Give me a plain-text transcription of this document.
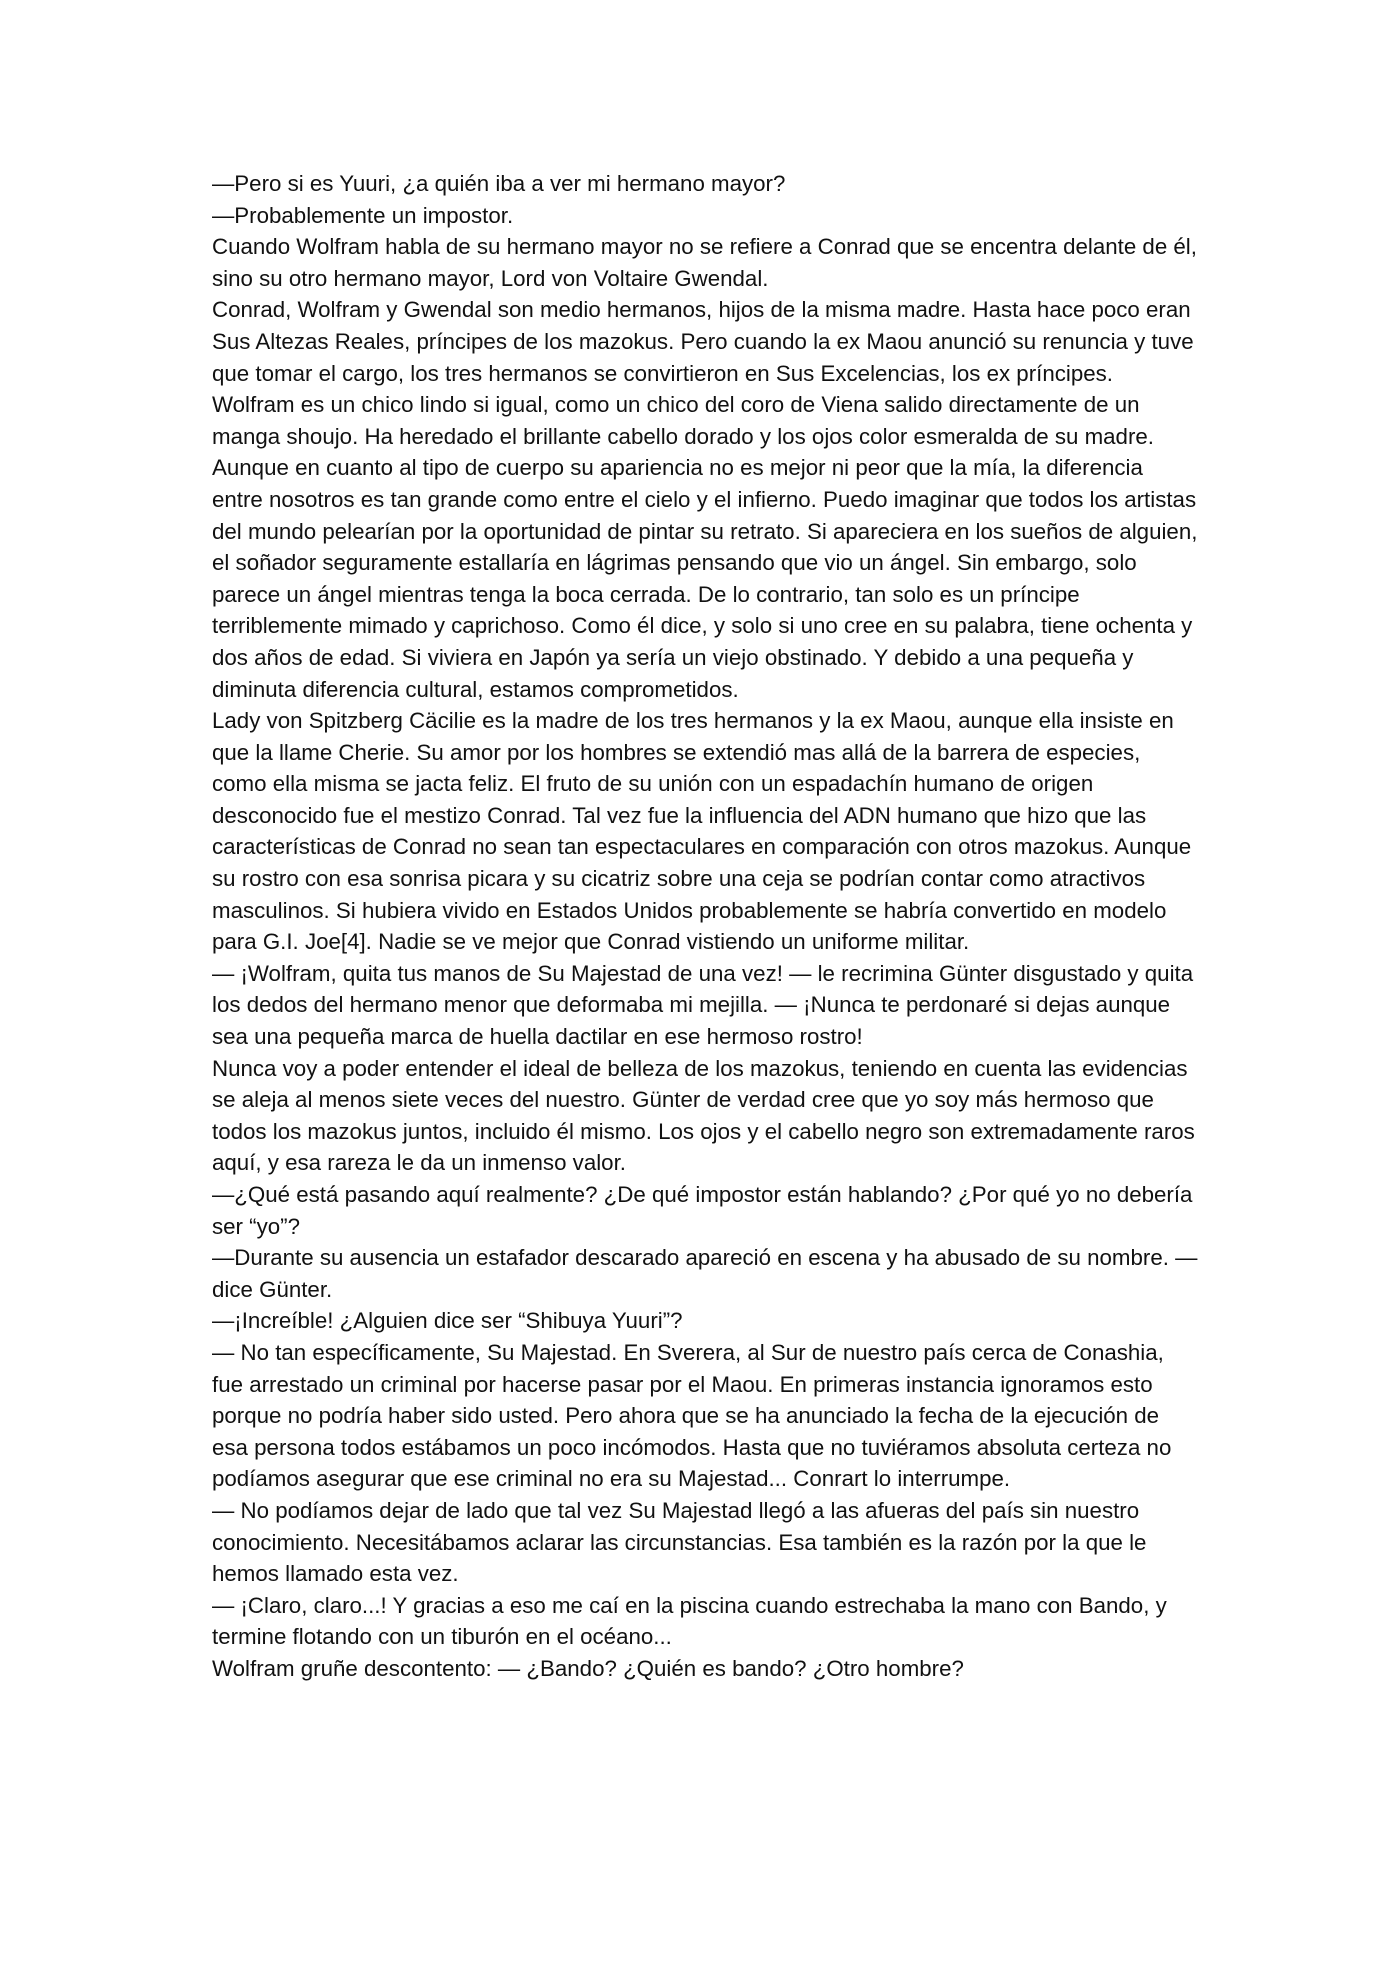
—Pero si es Yuuri, ¿a quién iba a ver mi hermano mayor?

—Probablemente un impostor.

Cuando Wolfram habla de su hermano mayor no se refiere a Conrad que se encentra delante de él, sino su otro hermano mayor, Lord von Voltaire Gwendal.

Conrad, Wolfram y Gwendal son medio hermanos, hijos de la misma madre. Hasta hace poco eran Sus Altezas Reales, príncipes de los mazokus. Pero cuando la ex Maou anunció su renuncia y tuve que tomar el cargo, los tres hermanos se convirtieron en Sus Excelencias, los ex príncipes.

Wolfram es un chico lindo si igual, como un chico del coro de Viena salido directamente de un manga shoujo. Ha heredado el brillante cabello dorado y los ojos color esmeralda de su madre. Aunque en cuanto al tipo de cuerpo su apariencia no es mejor ni peor que la mía, la diferencia entre nosotros es tan grande como entre el cielo y el infierno. Puedo imaginar que todos los artistas del mundo pelearían por la oportunidad de pintar su retrato. Si apareciera en los sueños de alguien, el soñador seguramente estallaría en lágrimas pensando que vio un ángel. Sin embargo, solo parece un ángel mientras tenga la boca cerrada. De lo contrario, tan solo es un príncipe terriblemente mimado y caprichoso. Como él dice, y solo si uno cree en su palabra, tiene ochenta y dos años de edad. Si viviera en Japón ya sería un viejo obstinado. Y debido a una pequeña y diminuta diferencia cultural, estamos comprometidos.

Lady von Spitzberg Cäcilie es la madre de los tres hermanos y la ex Maou, aunque ella insiste en que la llame Cherie. Su amor por los hombres se extendió mas allá de la barrera de especies, como ella misma se jacta feliz. El fruto de su unión con un espadachín humano de origen desconocido fue el mestizo Conrad. Tal vez fue la influencia del ADN humano que hizo que las características de Conrad no sean tan espectaculares en comparación con otros mazokus. Aunque su rostro con esa sonrisa picara y su cicatriz sobre una ceja se podrían contar como atractivos masculinos. Si hubiera vivido en Estados Unidos probablemente se habría convertido en modelo para G.I. Joe[4]. Nadie se ve mejor que Conrad vistiendo un uniforme militar.

— ¡Wolfram, quita tus manos de Su Majestad de una vez! — le recrimina Günter disgustado y quita los dedos del hermano menor que deformaba mi mejilla. — ¡Nunca te perdonaré si dejas aunque sea una pequeña marca de huella dactilar en ese hermoso rostro!

Nunca voy a poder entender el ideal de belleza de los mazokus, teniendo en cuenta las evidencias se aleja al menos siete veces del nuestro. Günter de verdad cree que yo soy más hermoso que todos los mazokus juntos, incluido él mismo. Los ojos y el cabello negro son extremadamente raros aquí, y esa rareza le da un inmenso valor.

—¿Qué está pasando aquí realmente? ¿De qué impostor están hablando? ¿Por qué yo no debería ser “yo”?

—Durante su ausencia un estafador descarado apareció en escena y ha abusado de su nombre. —dice Günter.

—¡Increíble! ¿Alguien dice ser “Shibuya Yuuri”?

— No tan específicamente, Su Majestad. En Sverera, al Sur de nuestro país cerca de Conashia, fue arrestado un criminal por hacerse pasar por el Maou. En primeras instancia ignoramos esto porque no podría haber sido usted. Pero ahora que se ha anunciado la fecha de la ejecución de esa persona todos estábamos un poco incómodos. Hasta que no tuviéramos absoluta certeza no podíamos asegurar que ese criminal no era su Majestad... Conrart lo interrumpe.

— No podíamos dejar de lado que tal vez Su Majestad llegó a las afueras del país sin nuestro conocimiento. Necesitábamos aclarar las circunstancias. Esa también es la razón por la que le hemos llamado esta vez.

— ¡Claro, claro...! Y gracias a eso me caí en la piscina cuando estrechaba la mano con Bando, y termine flotando con un tiburón en el océano...

Wolfram gruñe descontento: — ¿Bando? ¿Quién es bando? ¿Otro hombre?
